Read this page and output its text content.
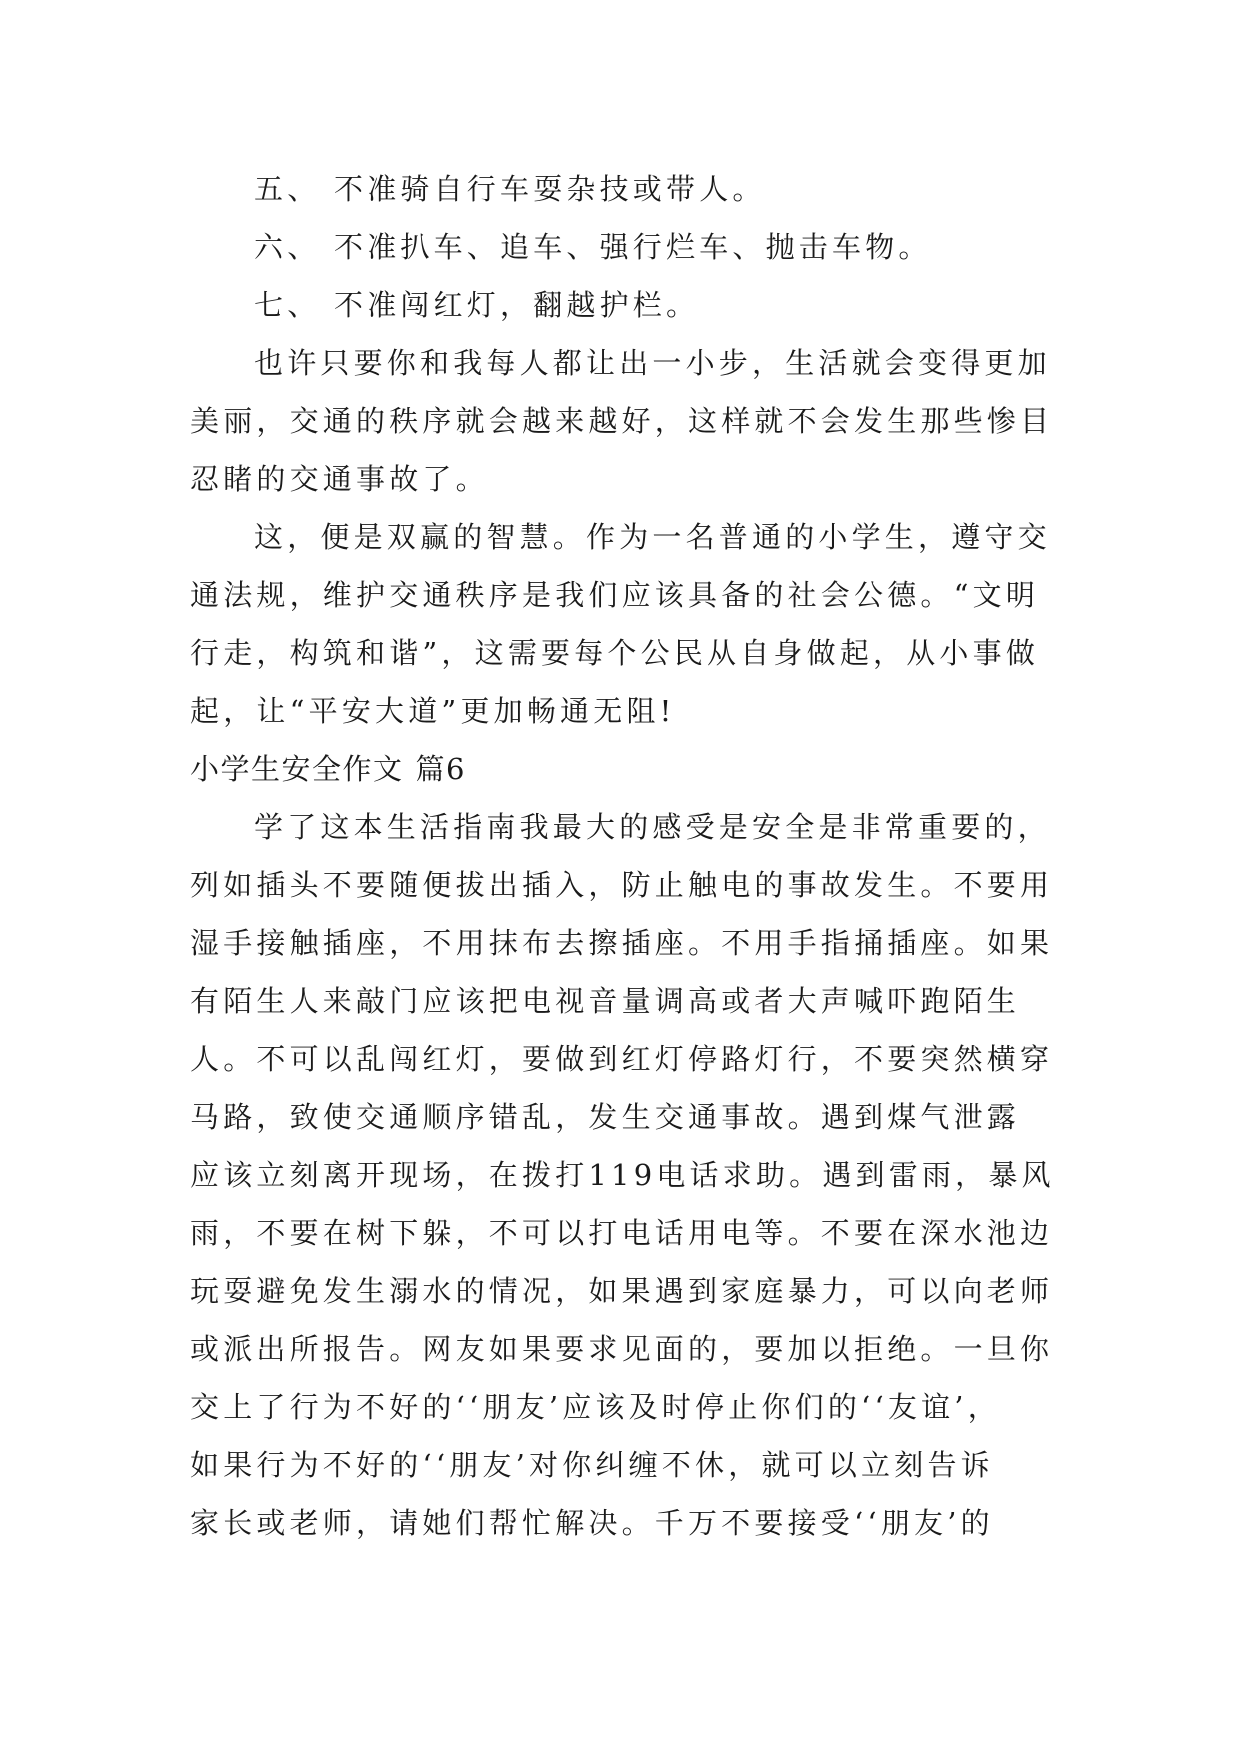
五、 不准骑自行车耍杂技或带人。
六、 不准扒车、追车、强行烂车、抛击车物。
七、 不准闯红灯，翻越护栏。
也许只要你和我每人都让出一小步，生活就会变得更加
美丽，交通的秩序就会越来越好，这样就不会发生那些惨目
忍睹的交通事故了。
这，便是双赢的智慧。作为一名普通的小学生，遵守交
通法规，维护交通秩序是我们应该具备的社会公德。“文明
行走，构筑和谐”，这需要每个公民从自身做起，从小事做
起，让“平安大道”更加畅通无阻!
小学生安全作文 篇6
学了这本生活指南我最大的感受是安全是非常重要的，
列如插头不要随便拔出插入，防止触电的事故发生。不要用
湿手接触插座，不用抹布去擦插座。不用手指捅插座。如果
有陌生人来敲门应该把电视音量调高或者大声喊吓跑陌生
人。不可以乱闯红灯，要做到红灯停路灯行，不要突然横穿
马路，致使交通顺序错乱，发生交通事故。遇到煤气泄露
应该立刻离开现场，在拨打119电话求助。遇到雷雨，暴风
雨，不要在树下躲，不可以打电话用电等。不要在深水池边
玩耍避免发生溺水的情况，如果遇到家庭暴力，可以向老师
或派出所报告。网友如果要求见面的，要加以拒绝。一旦你
交上了行为不好的‘‘朋友’应该及时停止你们的‘‘友谊’，
如果行为不好的‘‘朋友’对你纠缠不休，就可以立刻告诉
家长或老师，请她们帮忙解决。千万不要接受‘‘朋友’的
